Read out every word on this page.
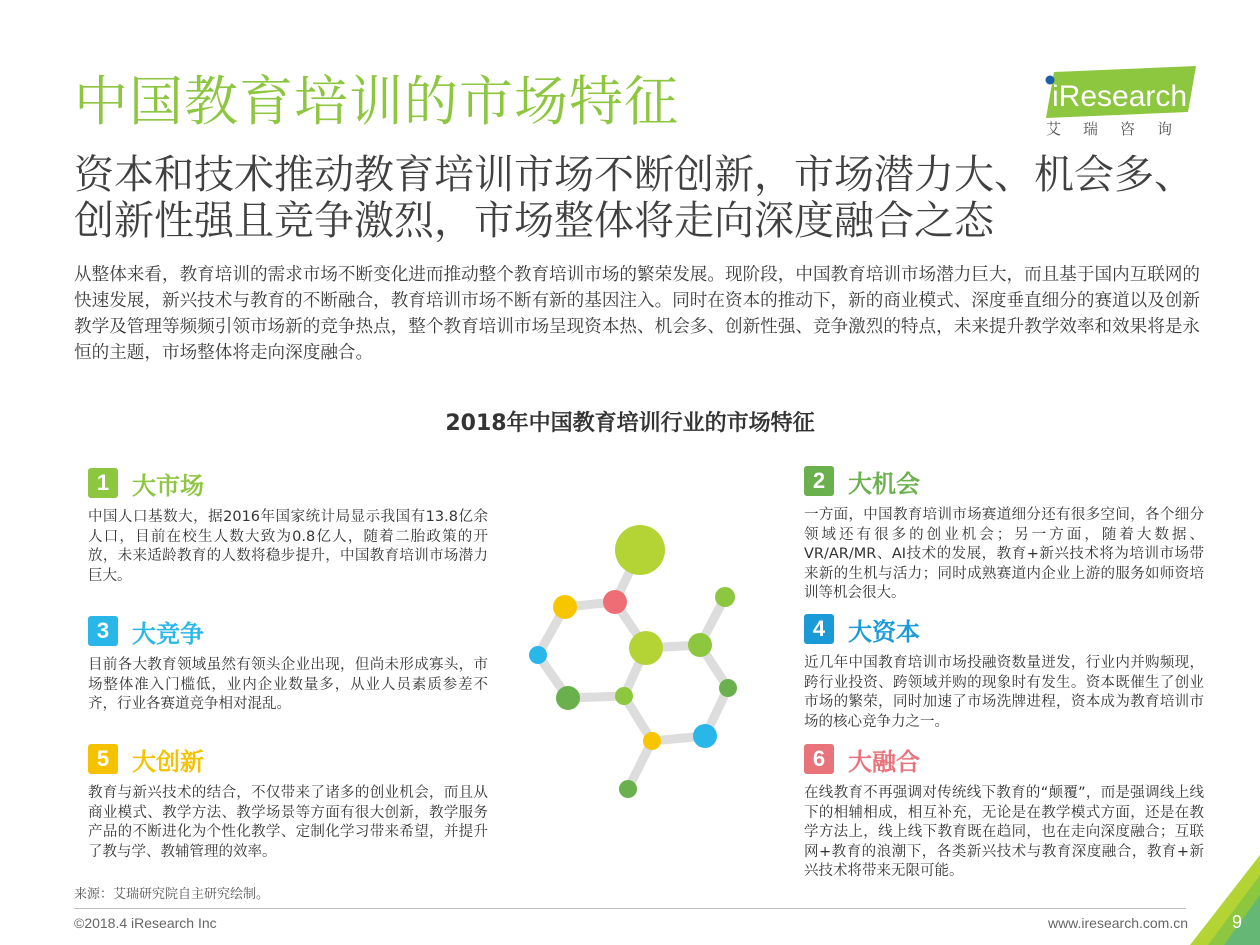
中国教育培训的市场特征	iResearch
艾瑞咨询
资本和技术推动教育培训市场不断创新，市场潜力大、机会多、创新性强且竞争激烈，市场整体将走向深度融合之态

从整体来看，教育培训的需求市场不断变化进而推动整个教育培训市场的繁荣发展。现阶段，中国教育培训市场潜力巨大，而且基于国内互联网的快速发展，新兴技术与教育的不断融合，教育培训市场不断有新的基因注入。同时在资本的推动下，新的商业模式、深度垂直细分的赛道以及创新教学及管理等频频引领市场新的竞争热点，整个教育培训市场呈现资本热、机会多、创新性强、竞争激烈的特点，未来提升教学效率和效果将是永恒的主题，市场整体将走向深度融合。

2018年中国教育培训行业的市场特征
1 大市场
中国人口基数大，据2016年国家统计局显示我国有13.8亿余人口，目前在校生人数大致为0.8亿人，随着二胎政策的开放，未来适龄教育的人数将稳步提升，中国教育培训市场潜力巨大。
3 大竞争
目前各大教育领域虽然有领头企业出现，但尚未形成寡头，市场整体准入门槛低，业内企业数量多，从业人员素质参差不齐，行业各赛道竞争相对混乱。
5 大创新
教育与新兴技术的结合，不仅带来了诸多的创业机会，而且从商业模式、教学方法、教学场景等方面有很大创新，教学服务产品的不断进化为个性化教学、定制化学习带来希望，并提升了教与学、教辅管理的效率。
2 大机会
一方面，中国教育培训市场赛道细分还有很多空间，各个细分领域还有很多的创业机会；另一方面，随着大数据、VR/AR/MR、AI技术的发展，教育+新兴技术将为培训市场带来新的生机与活力；同时成熟赛道内企业上游的服务如师资培训等机会很大。
4 大资本
近几年中国教育培训市场投融资数量迸发，行业内并购频现，跨行业投资、跨领域并购的现象时有发生。资本既催生了创业市场的繁荣，同时加速了市场洗牌进程，资本成为教育培训市场的核心竞争力之一。
6 大融合
在线教育不再强调对传统线下教育的“颠覆”，而是强调线上线下的相辅相成，相互补充，无论是在教学模式方面，还是在教学方法上，线上线下教育既在趋同，也在走向深度融合；互联网+教育的浪潮下，各类新兴技术与教育深度融合，教育+新兴技术将带来无限可能。
来源：艾瑞研究院自主研究绘制。
©2018.4 iResearch Inc	www.iresearch.com.cn 9
